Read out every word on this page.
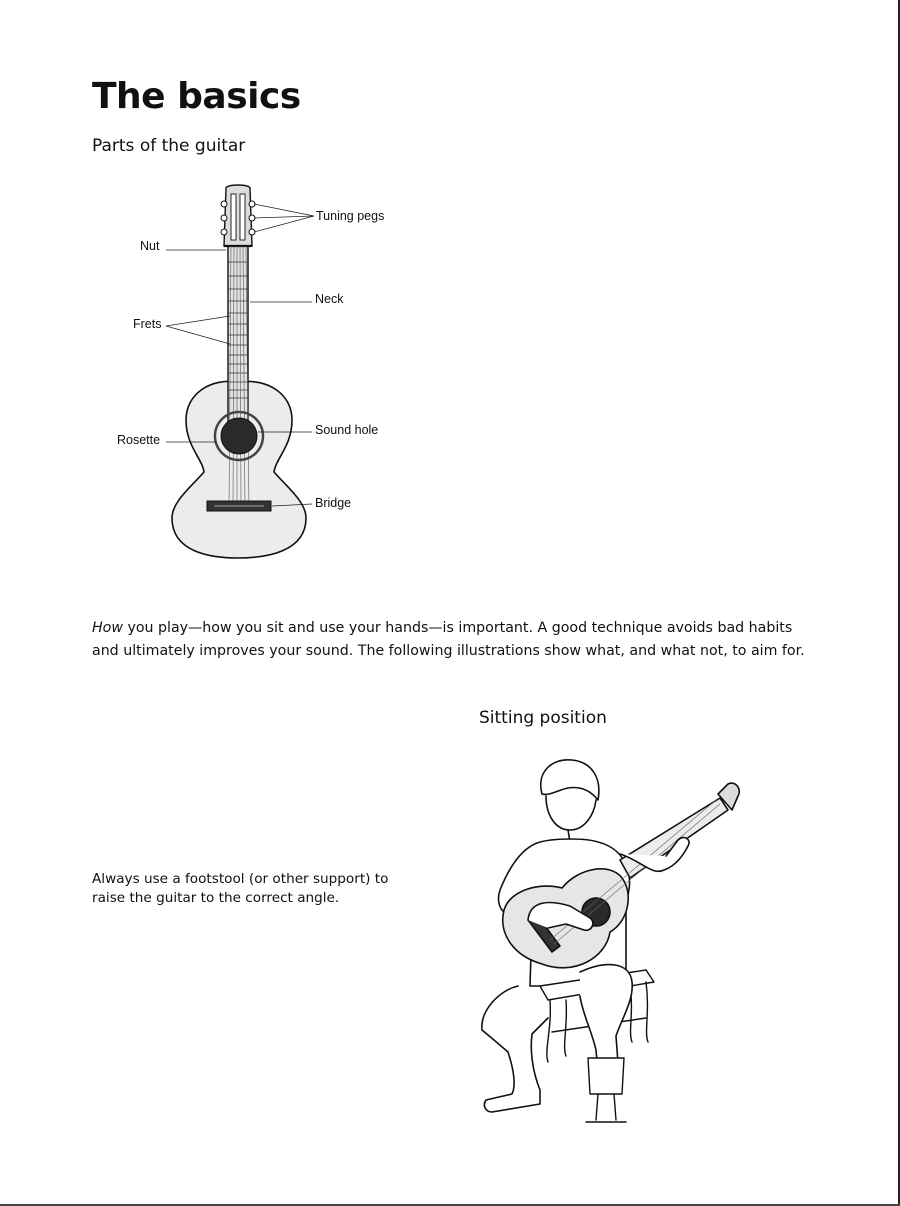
The basics
Parts of the guitar
Tuning pegs
Nut
Neck
Frets
Rosette
Sound hole
Bridge

How you play—how you sit and use your hands—is important. A good technique avoids bad habits and ultimately improves your sound. The following illustrations show what, and what not, to aim for.

Sitting position

Always use a footstool (or other support) to raise the guitar to the correct angle.
